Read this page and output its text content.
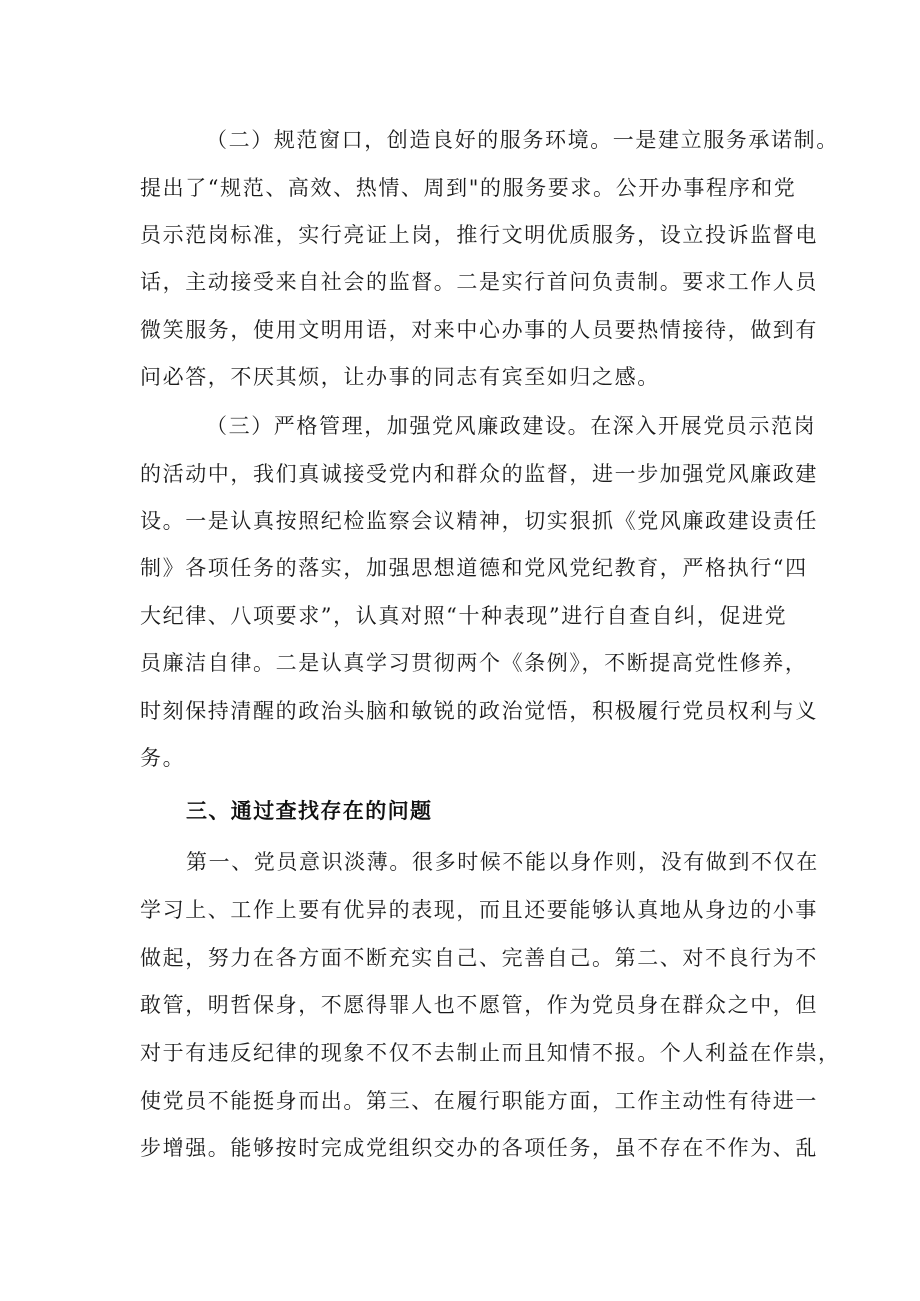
（二）规范窗口，创造良好的服务环境。一是建立服务承诺制。
提出了“规范、高效、热情、周到"的服务要求。公开办事程序和党
员示范岗标准，实行亮证上岗，推行文明优质服务，设立投诉监督电
话，主动接受来自社会的监督。二是实行首问负责制。要求工作人员
微笑服务，使用文明用语，对来中心办事的人员要热情接待，做到有
问必答，不厌其烦，让办事的同志有宾至如归之感。
（三）严格管理，加强党风廉政建设。在深入开展党员示范岗
的活动中，我们真诚接受党内和群众的监督，进一步加强党风廉政建
设。一是认真按照纪检监察会议精神，切实狠抓《党风廉政建设责任
制》各项任务的落实，加强思想道德和党风党纪教育，严格执行“四
大纪律、八项要求”，认真对照“十种表现”进行自查自纠，促进党
员廉洁自律。二是认真学习贯彻两个《条例》，不断提高党性修养，
时刻保持清醒的政治头脑和敏锐的政治觉悟，积极履行党员权利与义
务。
三、通过查找存在的问题
第一、党员意识淡薄。很多时候不能以身作则，没有做到不仅在
学习上、工作上要有优异的表现，而且还要能够认真地从身边的小事
做起，努力在各方面不断充实自己、完善自己。第二、对不良行为不
敢管，明哲保身，不愿得罪人也不愿管，作为党员身在群众之中，但
对于有违反纪律的现象不仅不去制止而且知情不报。个人利益在作祟，
使党员不能挺身而出。第三、在履行职能方面，工作主动性有待进一
步增强。能够按时完成党组织交办的各项任务，虽不存在不作为、乱
